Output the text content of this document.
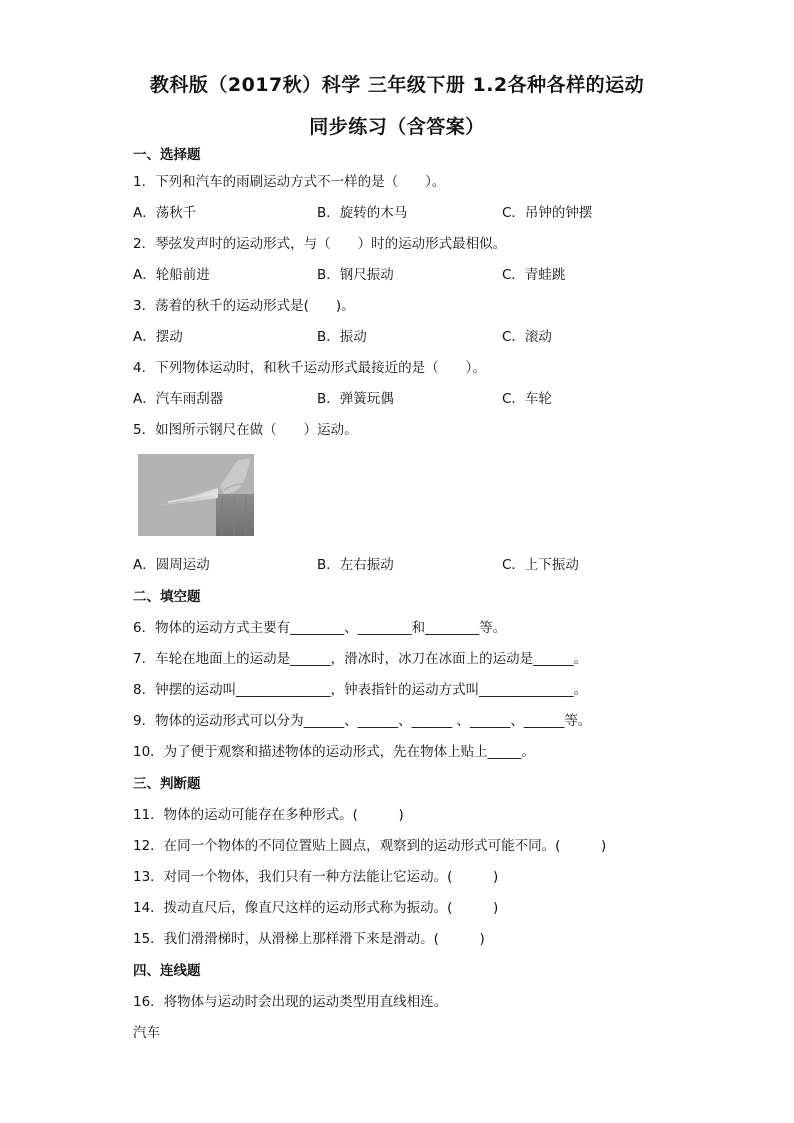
教科版（2017秋）科学 三年级下册 1.2各种各样的运动
同步练习（含答案）
一、选择题
1．下列和汽车的雨刷运动方式不一样的是（　　）。
A．荡秋千	B．旋转的木马	C．吊钟的钟摆
2．琴弦发声时的运动形式，与（　　）时的运动形式最相似。
A．轮船前进	B．钢尺振动	C．青蛙跳
3．荡着的秋千的运动形式是(　　)。
A．摆动	B．振动	C．滚动
4．下列物体运动时，和秋千运动形式最接近的是（　　）。
A．汽车雨刮器	B．弹簧玩偶	C．车轮
5．如图所示钢尺在做（　　）运动。
A．圆周运动	B．左右振动	C．上下振动
二、填空题
6．物体的运动方式主要有________、________和________等。
7．车轮在地面上的运动是______，滑冰时，冰刀在冰面上的运动是______。
8．钟摆的运动叫______________，钟表指针的运动方式叫______________。
9．物体的运动形式可以分为______、______、______ 、______、______等。
10．为了便于观察和描述物体的运动形式，先在物体上贴上_____。
三、判断题
11．物体的运动可能存在多种形式。(　　　)
12．在同一个物体的不同位置贴上圆点，观察到的运动形式可能不同。(　　　)
13．对同一个物体，我们只有一种方法能让它运动。(　　　)
14．拨动直尺后，像直尺这样的运动形式称为振动。(　　　)
15．我们滑滑梯时，从滑梯上那样滑下来是滑动。(　　　)
四、连线题
16．将物体与运动时会出现的运动类型用直线相连。
汽车
